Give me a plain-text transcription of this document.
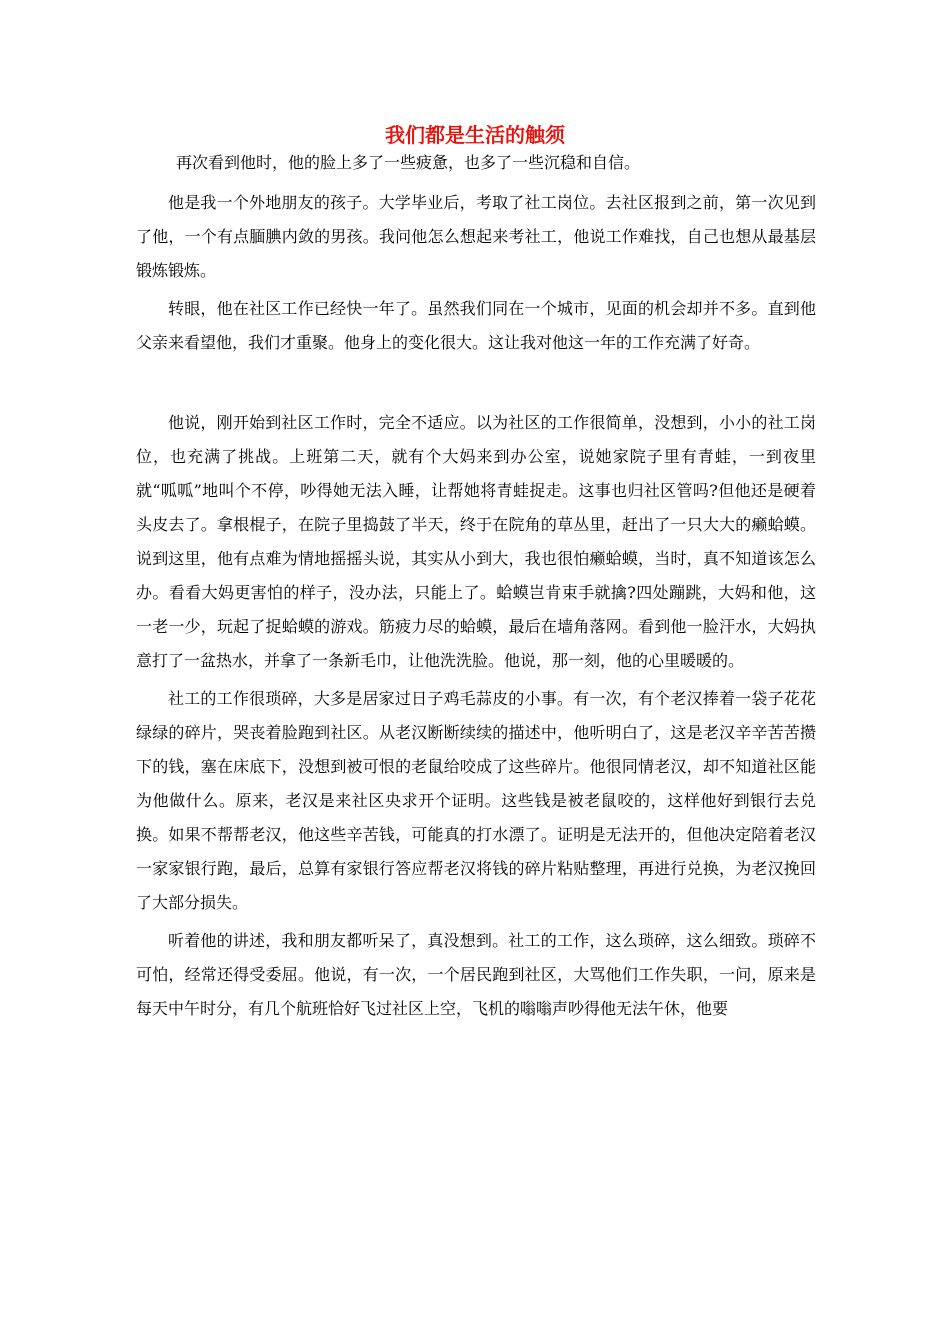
我们都是生活的触须

再次看到他时，他的脸上多了一些疲惫，也多了一些沉稳和自信。

他是我一个外地朋友的孩子。大学毕业后，考取了社工岗位。去社区报到之前，第一次见到了他，一个有点腼腆内敛的男孩。我问他怎么想起来考社工，他说工作难找，自己也想从最基层锻炼锻炼。

转眼，他在社区工作已经快一年了。虽然我们同在一个城市，见面的机会却并不多。直到他父亲来看望他，我们才重聚。他身上的变化很大。这让我对他这一年的工作充满了好奇。

他说，刚开始到社区工作时，完全不适应。以为社区的工作很简单，没想到，小小的社工岗位，也充满了挑战。上班第二天，就有个大妈来到办公室，说她家院子里有青蛙，一到夜里就“呱呱”地叫个不停，吵得她无法入睡，让帮她将青蛙捉走。这事也归社区管吗?但他还是硬着头皮去了。拿根棍子，在院子里捣鼓了半天，终于在院角的草丛里，赶出了一只大大的癞蛤蟆。说到这里，他有点难为情地摇摇头说，其实从小到大，我也很怕癞蛤蟆，当时，真不知道该怎么办。看看大妈更害怕的样子，没办法，只能上了。蛤蟆岂肯束手就擒?四处蹦跳，大妈和他，这一老一少，玩起了捉蛤蟆的游戏。筋疲力尽的蛤蟆，最后在墙角落网。看到他一脸汗水，大妈执意打了一盆热水，并拿了一条新毛巾，让他洗洗脸。他说，那一刻，他的心里暖暖的。

社工的工作很琐碎，大多是居家过日子鸡毛蒜皮的小事。有一次，有个老汉捧着一袋子花花绿绿的碎片，哭丧着脸跑到社区。从老汉断断续续的描述中，他听明白了，这是老汉辛辛苦苦攒下的钱，塞在床底下，没想到被可恨的老鼠给咬成了这些碎片。他很同情老汉，却不知道社区能为他做什么。原来，老汉是来社区央求开个证明。这些钱是被老鼠咬的，这样他好到银行去兑换。如果不帮帮老汉，他这些辛苦钱，可能真的打水漂了。证明是无法开的，但他决定陪着老汉一家家银行跑，最后，总算有家银行答应帮老汉将钱的碎片粘贴整理，再进行兑换，为老汉挽回了大部分损失。

听着他的讲述，我和朋友都听呆了，真没想到。社工的工作，这么琐碎，这么细致。琐碎不可怕，经常还得受委屈。他说，有一次，一个居民跑到社区，大骂他们工作失职，一问，原来是每天中午时分，有几个航班恰好飞过社区上空，飞机的嗡嗡声吵得他无法午休，他要
